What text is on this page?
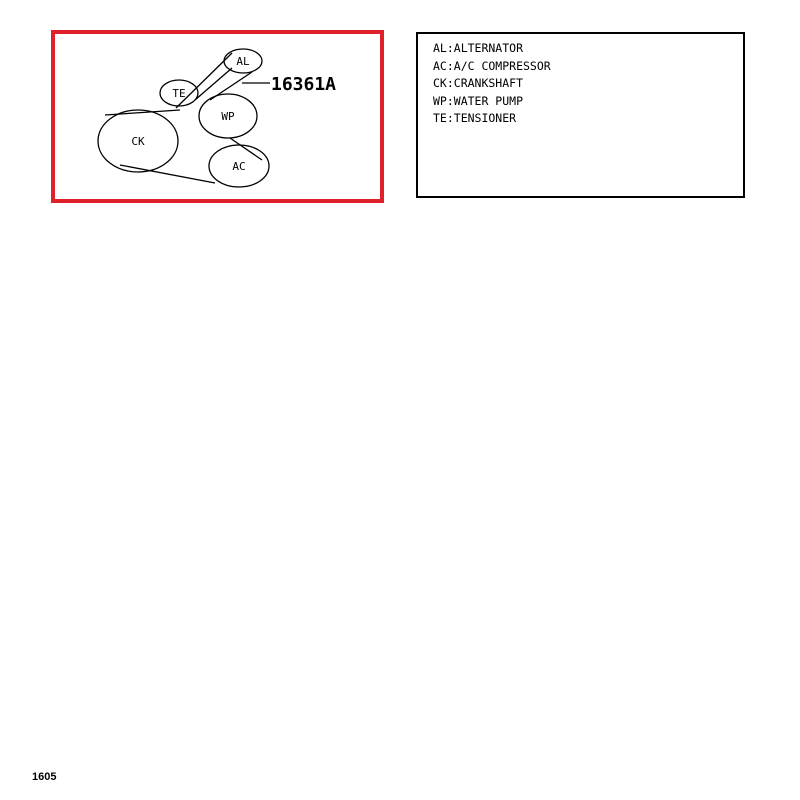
AL
TE
WP
CK
AC
16361A
AL:ALTERNATOR
AC:A/C COMPRESSOR
CK:CRANKSHAFT
WP:WATER PUMP
TE:TENSIONER
1605
